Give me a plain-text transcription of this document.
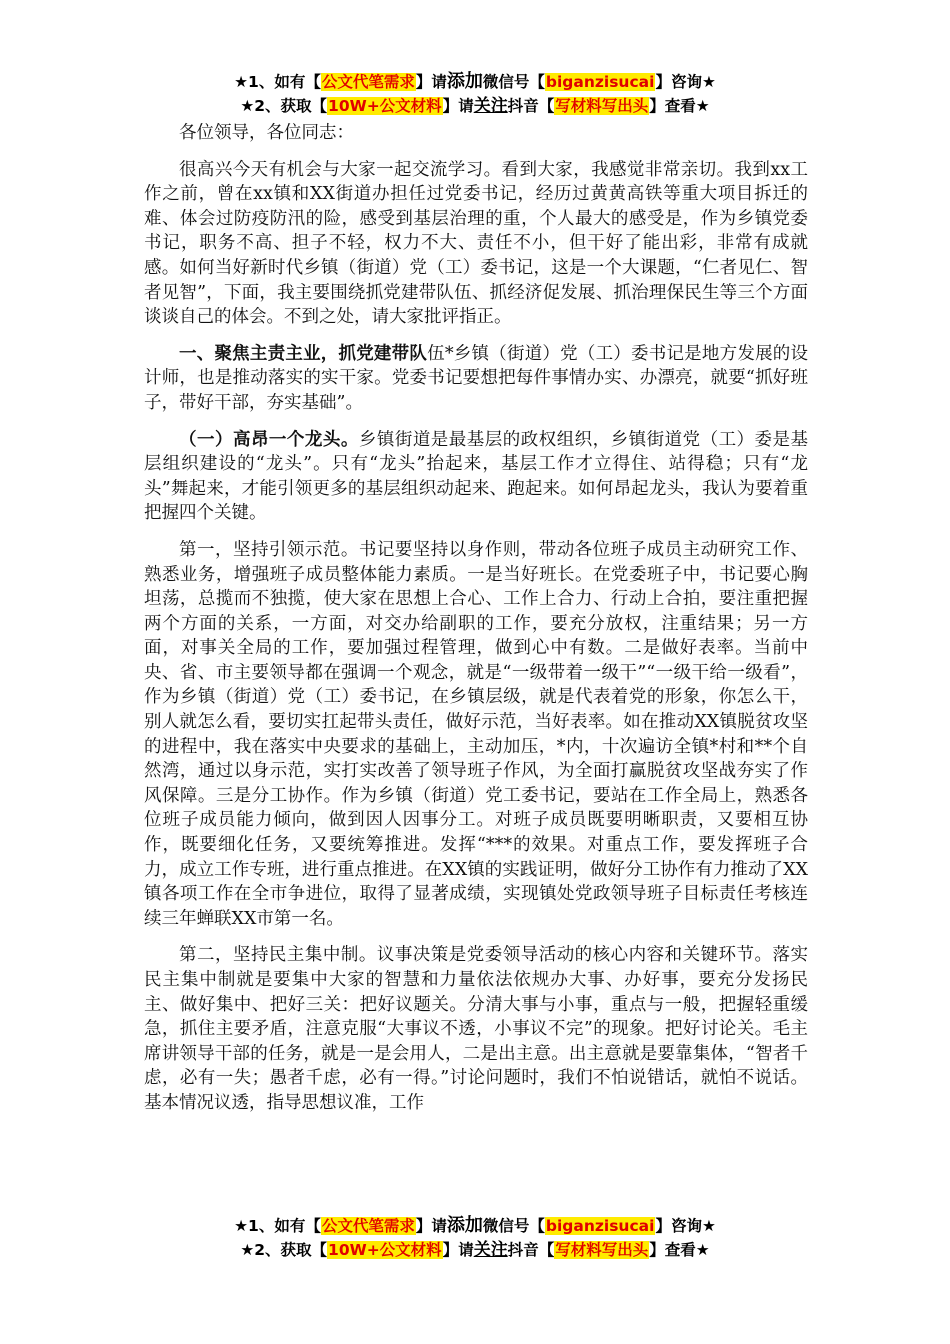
★1、如有【公文代笔需求】请添加微信号【biganzisucai】咨询★
★2、获取【10W+公文材料】请关注抖音【写材料写出头】查看★

各位领导，各位同志：

很高兴今天有机会与大家一起交流学习。看到大家，我感觉非常亲切。我到xx工作之前，曾在xx镇和XX街道办担任过党委书记，经历过黄黄高铁等重大项目拆迁的难、体会过防疫防汛的险，感受到基层治理的重，个人最大的感受是，作为乡镇党委书记，职务不高、担子不轻，权力不大、责任不小，但干好了能出彩，非常有成就感。如何当好新时代乡镇（街道）党（工）委书记，这是一个大课题，“仁者见仁、智者见智”，下面，我主要围绕抓党建带队伍、抓经济促发展、抓治理保民生等三个方面谈谈自己的体会。不到之处，请大家批评指正。

一、聚焦主责主业，抓党建带队伍*乡镇（街道）党（工）委书记是地方发展的设计师，也是推动落实的实干家。党委书记要想把每件事情办实、办漂亮，就要“抓好班子，带好干部，夯实基础”。

（一）高昂一个龙头。乡镇街道是最基层的政权组织，乡镇街道党（工）委是基层组织建设的“龙头”。只有“龙头”抬起来，基层工作才立得住、站得稳；只有“龙头”舞起来，才能引领更多的基层组织动起来、跑起来。如何昂起龙头，我认为要着重把握四个关键。

第一，坚持引领示范。书记要坚持以身作则，带动各位班子成员主动研究工作、熟悉业务，增强班子成员整体能力素质。一是当好班长。在党委班子中，书记要心胸坦荡，总揽而不独揽，使大家在思想上合心、工作上合力、行动上合拍，要注重把握两个方面的关系，一方面，对交办给副职的工作，要充分放权，注重结果；另一方面，对事关全局的工作，要加强过程管理，做到心中有数。二是做好表率。当前中央、省、市主要领导都在强调一个观念，就是“一级带着一级干”“一级干给一级看”，作为乡镇（街道）党（工）委书记，在乡镇层级，就是代表着党的形象，你怎么干，别人就怎么看，要切实扛起带头责任，做好示范，当好表率。如在推动XX镇脱贫攻坚的进程中，我在落实中央要求的基础上，主动加压，*内，十次遍访全镇*村和**个自然湾，通过以身示范，实打实改善了领导班子作风，为全面打赢脱贫攻坚战夯实了作风保障。三是分工协作。作为乡镇（街道）党工委书记，要站在工作全局上，熟悉各位班子成员能力倾向，做到因人因事分工。对班子成员既要明晰职责，又要相互协作，既要细化任务，又要统筹推进。发挥“***的效果。对重点工作，要发挥班子合力，成立工作专班，进行重点推进。在XX镇的实践证明，做好分工协作有力推动了XX镇各项工作在全市争进位，取得了显著成绩，实现镇处党政领导班子目标责任考核连续三年蝉联XX市第一名。

第二，坚持民主集中制。议事决策是党委领导活动的核心内容和关键环节。落实民主集中制就是要集中大家的智慧和力量依法依规办大事、办好事，要充分发扬民主、做好集中、把好三关：把好议题关。分清大事与小事，重点与一般，把握轻重缓急，抓住主要矛盾，注意克服“大事议不透，小事议不完”的现象。把好讨论关。毛主席讲领导干部的任务，就是一是会用人，二是出主意。出主意就是要靠集体，“智者千虑，必有一失；愚者千虑，必有一得。”讨论问题时，我们不怕说错话，就怕不说话。基本情况议透，指导思想议准，工作

★1、如有【公文代笔需求】请添加微信号【biganzisucai】咨询★
★2、获取【10W+公文材料】请关注抖音【写材料写出头】查看★
